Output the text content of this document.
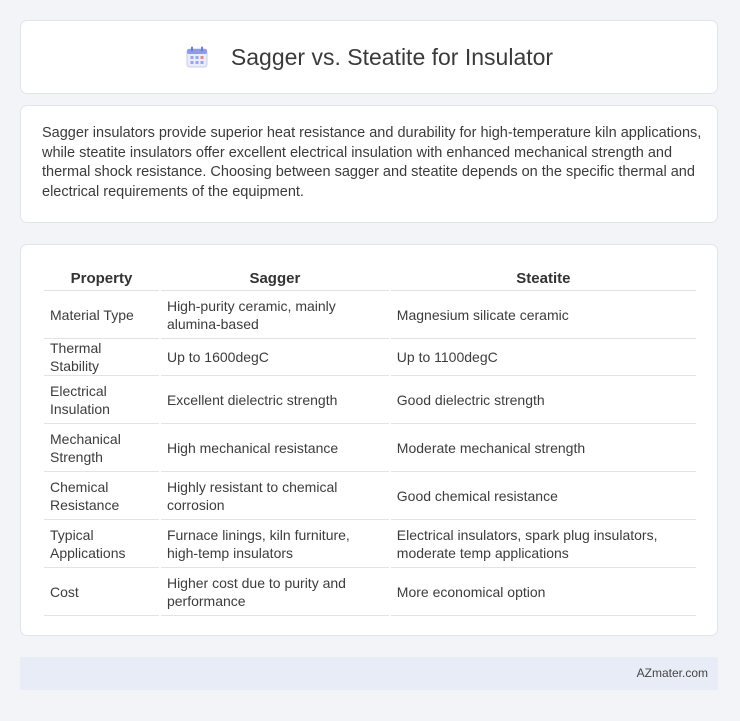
Sagger vs. Steatite for Insulator

Sagger insulators provide superior heat resistance and durability for high-temperature kiln applications, while steatite insulators offer excellent electrical insulation with enhanced mechanical strength and thermal shock resistance. Choosing between sagger and steatite depends on the specific thermal and electrical requirements of the equipment.

Property	Sagger	Steatite
Material Type	High-purity ceramic, mainly alumina-based	Magnesium silicate ceramic
Thermal Stability	Up to 1600degC	Up to 1100degC
Electrical Insulation	Excellent dielectric strength	Good dielectric strength
Mechanical Strength	High mechanical resistance	Moderate mechanical strength
Chemical Resistance	Highly resistant to chemical corrosion	Good chemical resistance
Typical Applications	Furnace linings, kiln furniture, high-temp insulators	Electrical insulators, spark plug insulators, moderate temp applications
Cost	Higher cost due to purity and performance	More economical option
AZmater.com
